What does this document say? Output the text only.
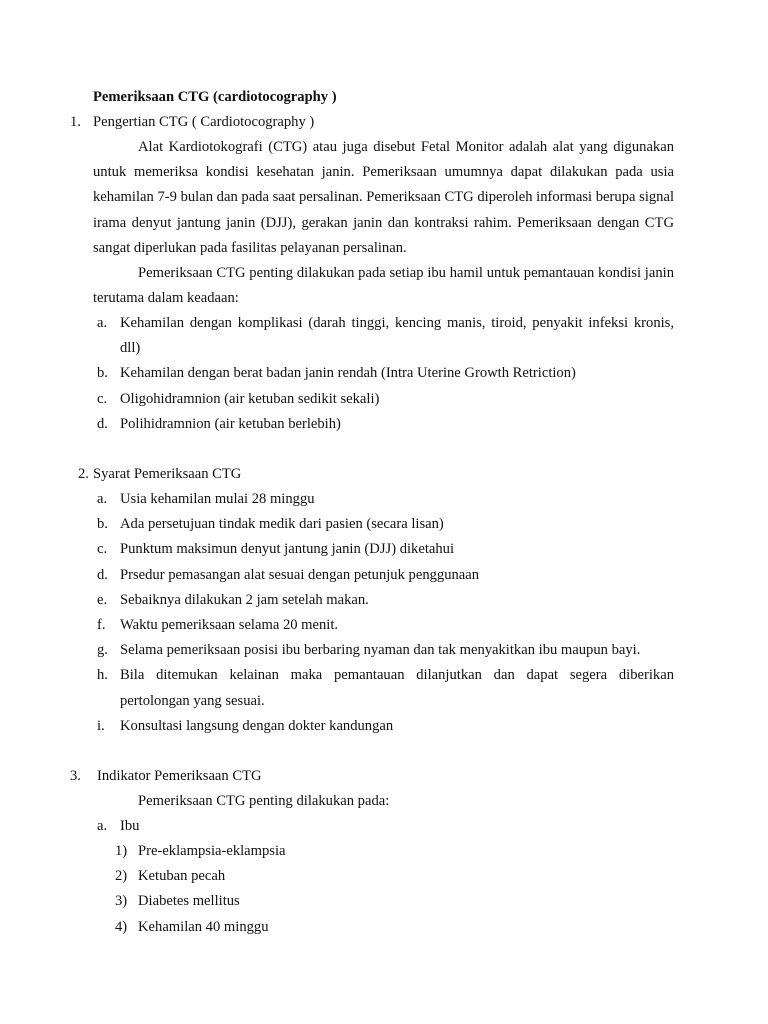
Pemeriksaan CTG (cardiotocography )
1. Pengertian CTG ( Cardiotocography )

Alat Kardiotokografi (CTG) atau juga disebut Fetal Monitor adalah alat yang digunakan untuk memeriksa kondisi kesehatan janin. Pemeriksaan umumnya dapat dilakukan pada usia kehamilan 7-9 bulan dan pada saat persalinan. Pemeriksaan CTG diperoleh informasi berupa signal irama denyut jantung janin (DJJ), gerakan janin dan kontraksi rahim. Pemeriksaan dengan CTG sangat diperlukan pada fasilitas pelayanan persalinan.

Pemeriksaan CTG penting dilakukan pada setiap ibu hamil untuk pemantauan kondisi janin terutama dalam keadaan:

a. Kehamilan dengan komplikasi (darah tinggi, kencing manis, tiroid, penyakit infeksi kronis, dll)
b. Kehamilan dengan berat badan janin rendah (Intra Uterine Growth Retriction)
c. Oligohidramnion (air ketuban sedikit sekali)
d. Polihidramnion (air ketuban berlebih)
2. Syarat Pemeriksaan CTG
a. Usia kehamilan mulai 28 minggu
b. Ada persetujuan tindak medik dari pasien (secara lisan)
c. Punktum maksimun denyut jantung janin (DJJ) diketahui
d. Prsedur pemasangan alat sesuai dengan petunjuk penggunaan
e. Sebaiknya dilakukan 2 jam setelah makan.
f. Waktu pemeriksaan selama 20 menit.
g. Selama pemeriksaan posisi ibu berbaring nyaman dan tak menyakitkan ibu maupun bayi.
h. Bila ditemukan kelainan maka pemantauan dilanjutkan dan dapat segera diberikan pertolongan yang sesuai.
i. Konsultasi langsung dengan dokter kandungan
3. Indikator Pemeriksaan CTG
Pemeriksaan CTG penting dilakukan pada:
a. Ibu
1) Pre-eklampsia-eklampsia
2) Ketuban pecah
3) Diabetes mellitus
4) Kehamilan 40 minggu
